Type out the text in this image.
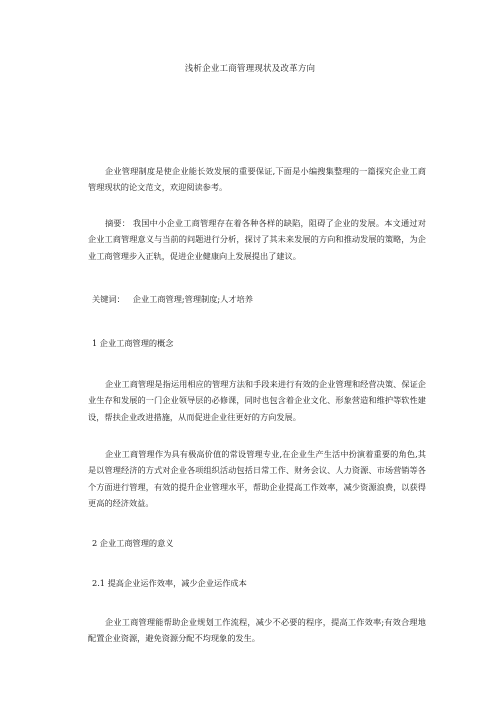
浅析企业工商管理现状及改革方向

企业管理制度是使企业能长效发展的重要保证,下面是小编搜集整理的一篇探究企业工商管理现状的论文范文，欢迎阅读参考。

摘要： 我国中小企业工商管理存在着各种各样的缺陷，阻碍了企业的发展。本文通过对企业工商管理意义与当前的问题进行分析，探讨了其未来发展的方向和推动发展的策略，为企业工商管理步入正轨，促进企业健康向上发展提出了建议。

关键词： 企业工商管理;管理制度;人才培养
1 企业工商管理的概念

企业工商管理是指运用相应的管理方法和手段来进行有效的企业管理和经营决策、保证企业生存和发展的一门企业领导层的必修课，同时也包含着企业文化、形象营造和维护等软性建设，帮扶企业改进措施，从而促进企业往更好的方向发展。

企业工商管理作为具有极高价值的常设管理专业,在企业生产生活中扮演着重要的角色,其是以管理经济的方式对企业各项组织活动包括日常工作、财务会议、人力资源、市场营销等各个方面进行管理，有效的提升企业管理水平，帮助企业提高工作效率，减少资源浪费，以获得更高的经济效益。

2 企业工商管理的意义
2.1 提高企业运作效率，减少企业运作成本

企业工商管理能帮助企业规划工作流程，减少不必要的程序，提高工作效率;有效合理地配置企业资源，避免资源分配不均现象的发生。
